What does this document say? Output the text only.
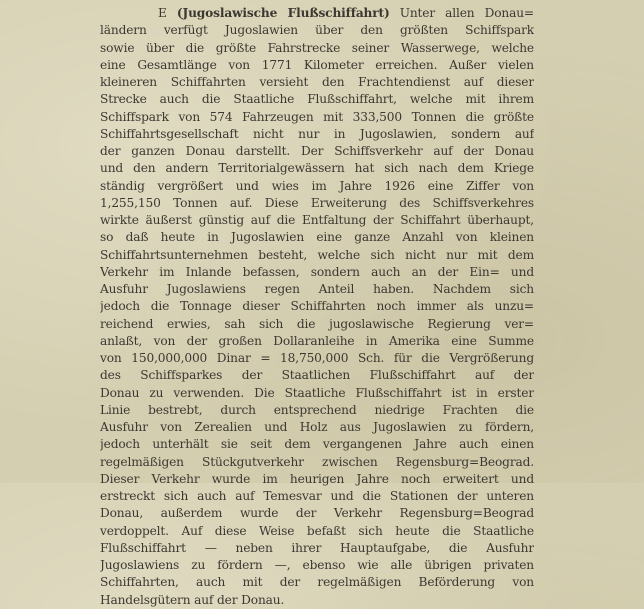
E (Jugoslawische Flußschiffahrt) Unter allen Donau=
ländern verfügt Jugoslawien über den größten Schiffspark
sowie über die größte Fahrstrecke seiner Wasserwege, welche
eine Gesamtlänge von 1771 Kilometer erreichen. Außer vielen
kleineren Schiffahrten versieht den Frachtendienst auf dieser
Strecke auch die Staatliche Flußschiffahrt, welche mit ihrem
Schiffspark von 574 Fahrzeugen mit 333,500 Tonnen die größte
Schiffahrtsgesellschaft nicht nur in Jugoslawien, sondern auf
der ganzen Donau darstellt. Der Schiffsverkehr auf der Donau
und den andern Territorialgewässern hat sich nach dem Kriege
ständig vergrößert und wies im Jahre 1926 eine Ziffer von
1,255,150 Tonnen auf. Diese Erweiterung des Schiffsverkehres
wirkte äußerst günstig auf die Entfaltung der Schiffahrt überhaupt,
so daß heute in Jugoslawien eine ganze Anzahl von kleinen
Schiffahrtsunternehmen besteht, welche sich nicht nur mit dem
Verkehr im Inlande befassen, sondern auch an der Ein= und
Ausfuhr Jugoslawiens regen Anteil haben. Nachdem sich
jedoch die Tonnage dieser Schiffahrten noch immer als unzu=
reichend erwies, sah sich die jugoslawische Regierung ver=
anlaßt, von der großen Dollaranleihe in Amerika eine Summe
von 150,000,000 Dinar = 18,750,000 Sch. für die Vergrößerung
des Schiffsparkes der Staatlichen Flußschiffahrt auf der
Donau zu verwenden. Die Staatliche Flußschiffahrt ist in erster
Linie bestrebt, durch entsprechend niedrige Frachten die
Ausfuhr von Zerealien und Holz aus Jugoslawien zu fördern,
jedoch unterhält sie seit dem vergangenen Jahre auch einen
regelmäßigen Stückgutverkehr zwischen Regensburg=Beograd.
Dieser Verkehr wurde im heurigen Jahre noch erweitert und
erstreckt sich auch auf Temesvar und die Stationen der unteren
Donau, außerdem wurde der Verkehr Regensburg=Beograd
verdoppelt. Auf diese Weise befaßt sich heute die Staatliche
Flußschiffahrt — neben ihrer Hauptaufgabe, die Ausfuhr
Jugoslawiens zu fördern —, ebenso wie alle übrigen privaten
Schiffahrten, auch mit der regelmäßigen Beförderung von
Handelsgütern auf der Donau.
